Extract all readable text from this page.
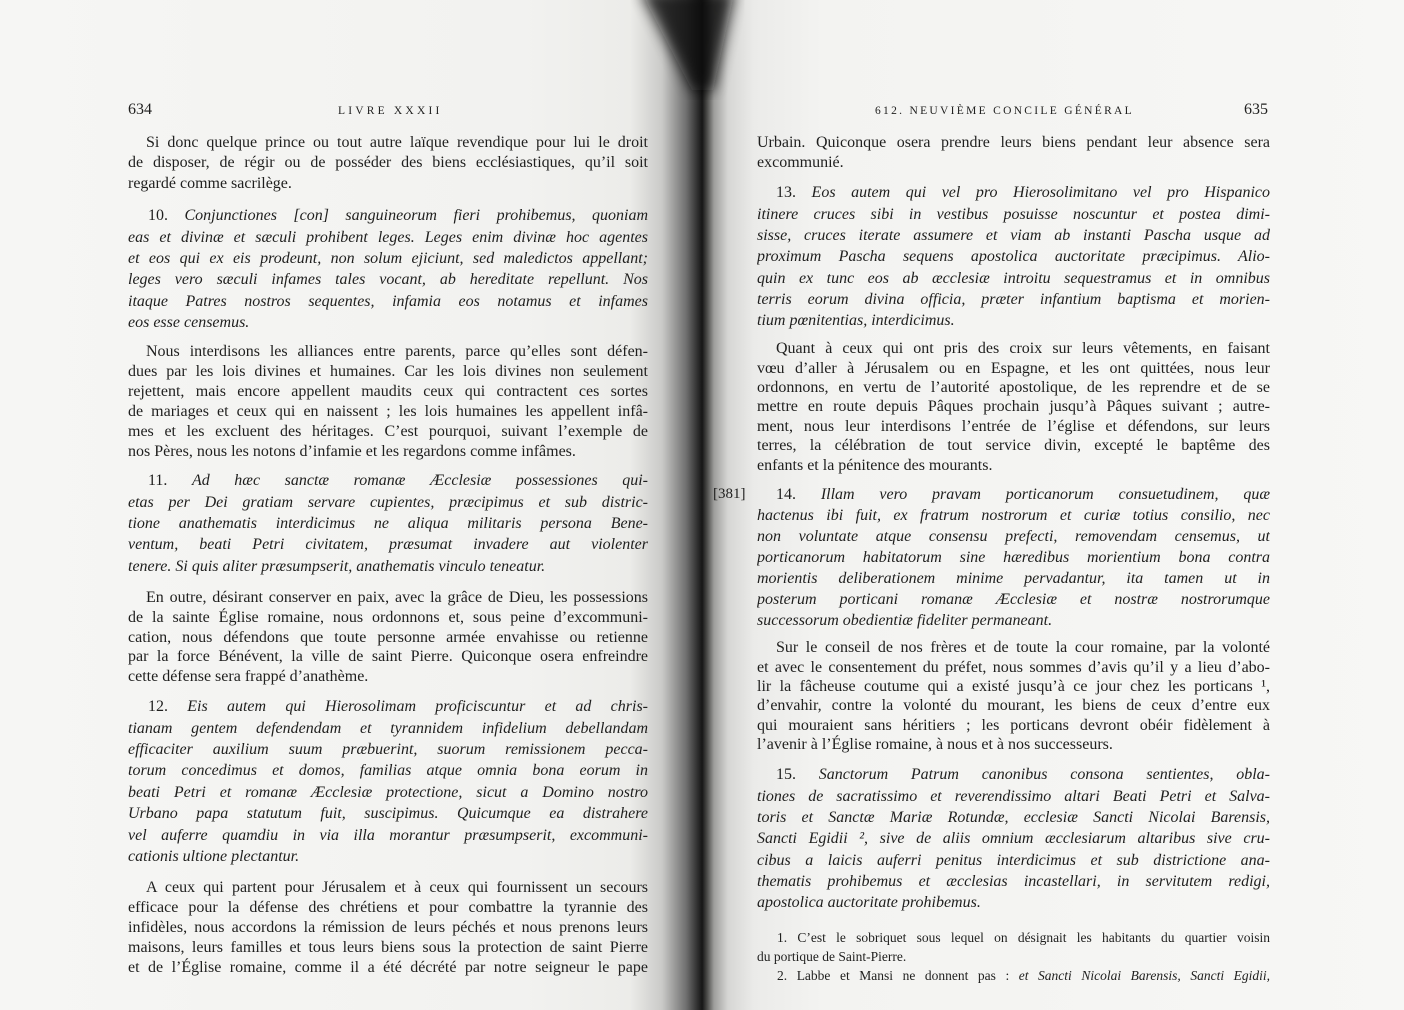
634	LIVRE XXXII
Si donc quelque prince ou tout autre laïque revendique pour lui le droit
de disposer, de régir ou de posséder des biens ecclésiastiques, qu’il soit
regardé comme sacrilège.
10. Conjunctiones [con] sanguineorum fieri prohibemus, quoniam
eas et divinæ et sæculi prohibent leges. Leges enim divinæ hoc agentes
et eos qui ex eis prodeunt, non solum ejiciunt, sed maledictos appellant;
leges vero sæculi infames tales vocant, ab hereditate repellunt. Nos
itaque Patres nostros sequentes, infamia eos notamus et infames
eos esse censemus.
Nous interdisons les alliances entre parents, parce qu’elles sont défen-
dues par les lois divines et humaines. Car les lois divines non seulement
rejettent, mais encore appellent maudits ceux qui contractent ces sortes
de mariages et ceux qui en naissent ; les lois humaines les appellent infâ-
mes et les excluent des héritages. C’est pourquoi, suivant l’exemple de
nos Pères, nous les notons d’infamie et les regardons comme infâmes.
11. Ad hæc sanctæ romanæ Æcclesiæ possessiones qui-
etas per Dei gratiam servare cupientes, præcipimus et sub distric-
tione anathematis interdicimus ne aliqua militaris persona Bene-
ventum, beati Petri civitatem, præsumat invadere aut violenter
tenere. Si quis aliter præsumpserit, anathematis vinculo teneatur.
En outre, désirant conserver en paix, avec la grâce de Dieu, les possessions
de la sainte Église romaine, nous ordonnons et, sous peine d’excommuni-
cation, nous défendons que toute personne armée envahisse ou retienne
par la force Bénévent, la ville de saint Pierre. Quiconque osera enfreindre
cette défense sera frappé d’anathème.
12. Eis autem qui Hierosolimam proficiscuntur et ad chris-
tianam gentem defendendam et tyrannidem infidelium debellandam
efficaciter auxilium suum præbuerint, suorum remissionem pecca-
torum concedimus et domos, familias atque omnia bona eorum in
beati Petri et romanæ Æcclesiæ protectione, sicut a Domino nostro
Urbano papa statutum fuit, suscipimus. Quicumque ea distrahere
vel auferre quamdiu in via illa morantur præsumpserit, excommuni-
cationis ultione plectantur.
A ceux qui partent pour Jérusalem et à ceux qui fournissent un secours
efficace pour la défense des chrétiens et pour combattre la tyrannie des
infidèles, nous accordons la rémission de leurs péchés et nous prenons leurs
maisons, leurs familles et tous leurs biens sous la protection de saint Pierre
et de l’Église romaine, comme il a été décrété par notre seigneur le pape
612. NEUVIÈME CONCILE GÉNÉRAL	635
[381]
Urbain. Quiconque osera prendre leurs biens pendant leur absence sera
excommunié.
13. Eos autem qui vel pro Hierosolimitano vel pro Hispanico
itinere cruces sibi in vestibus posuisse noscuntur et postea dimi-
sisse, cruces iterate assumere et viam ab instanti Pascha usque ad
proximum Pascha sequens apostolica auctoritate præcipimus. Alio-
quin ex tunc eos ab æcclesiæ introitu sequestramus et in omnibus
terris eorum divina officia, præter infantium baptisma et morien-
tium pœnitentias, interdicimus.
Quant à ceux qui ont pris des croix sur leurs vêtements, en faisant
vœu d’aller à Jérusalem ou en Espagne, et les ont quittées, nous leur
ordonnons, en vertu de l’autorité apostolique, de les reprendre et de se
mettre en route depuis Pâques prochain jusqu’à Pâques suivant ; autre-
ment, nous leur interdisons l’entrée de l’église et défendons, sur leurs
terres, la célébration de tout service divin, excepté le baptême des
enfants et la pénitence des mourants.
14. Illam vero pravam porticanorum consuetudinem, quæ
hactenus ibi fuit, ex fratrum nostrorum et curiæ totius consilio, nec
non voluntate atque consensu prefecti, removendam censemus, ut
porticanorum habitatorum sine hæredibus morientium bona contra
morientis deliberationem minime pervadantur, ita tamen ut in
posterum porticani romanæ Æcclesiæ et nostræ nostrorumque
successorum obedientiæ fideliter permaneant.
Sur le conseil de nos frères et de toute la cour romaine, par la volonté
et avec le consentement du préfet, nous sommes d’avis qu’il y a lieu d’abo-
lir la fâcheuse coutume qui a existé jusqu’à ce jour chez les porticans ¹,
d’envahir, contre la volonté du mourant, les biens de ceux d’entre eux
qui mouraient sans héritiers ; les porticans devront obéir fidèlement à
l’avenir à l’Église romaine, à nous et à nos successeurs.
15. Sanctorum Patrum canonibus consona sentientes, obla-
tiones de sacratissimo et reverendissimo altari Beati Petri et Salva-
toris et Sanctæ Mariæ Rotundæ, ecclesiæ Sancti Nicolai Barensis,
Sancti Egidii ², sive de aliis omnium æcclesiarum altaribus sive cru-
cibus a laicis auferri penitus interdicimus et sub districtione ana-
thematis prohibemus et æcclesias incastellari, in servitutem redigi,
apostolica auctoritate prohibemus.
1. C’est le sobriquet sous lequel on désignait les habitants du quartier voisin
du portique de Saint-Pierre.
2. Labbe et Mansi ne donnent pas : et Sancti Nicolai Barensis, Sancti Egidii,
